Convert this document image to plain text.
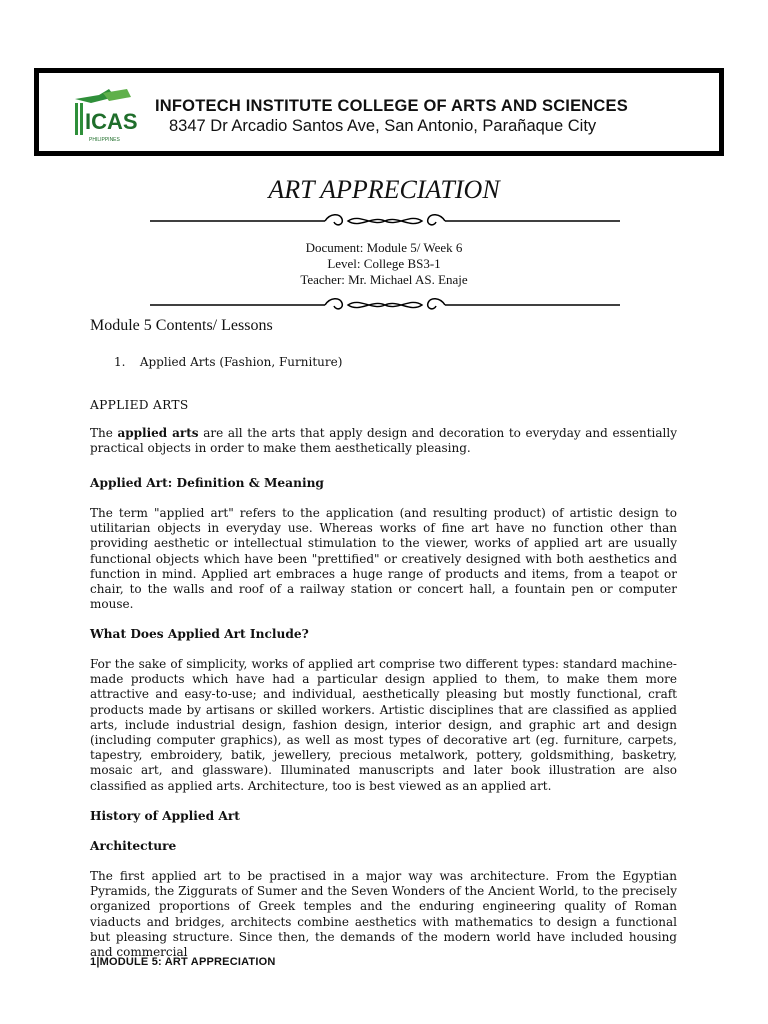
ICAS
PHILIPPINES
INFOTECH INSTITUTE COLLEGE OF ARTS AND SCIENCES
8347 Dr Arcadio Santos Ave, San Antonio, Parañaque City
ART APPRECIATION
Document: Module 5/ Week 6
Level: College BS3-1
Teacher: Mr. Michael AS. Enaje
Module 5 Contents/ Lessons
1. Applied Arts (Fashion, Furniture)
APPLIED ARTS

The applied arts are all the arts that apply design and decoration to everyday and essentially practical objects in order to make them aesthetically pleasing.

Applied Art: Definition & Meaning

The term "applied art" refers to the application (and resulting product) of artistic design to utilitarian objects in everyday use. Whereas works of fine art have no function other than providing aesthetic or intellectual stimulation to the viewer, works of applied art are usually functional objects which have been "prettified" or creatively designed with both aesthetics and function in mind. Applied art embraces a huge range of products and items, from a teapot or chair, to the walls and roof of a railway station or concert hall, a fountain pen or computer mouse.

What Does Applied Art Include?

For the sake of simplicity, works of applied art comprise two different types: standard machine-made products which have had a particular design applied to them, to make them more attractive and easy-to-use; and individual, aesthetically pleasing but mostly functional, craft products made by artisans or skilled workers. Artistic disciplines that are classified as applied arts, include industrial design, fashion design, interior design, and graphic art and design (including computer graphics), as well as most types of decorative art (eg. furniture, carpets, tapestry, embroidery, batik, jewellery, precious metalwork, pottery, goldsmithing, basketry, mosaic art, and glassware). Illuminated manuscripts and later book illustration are also classified as applied arts. Architecture, too is best viewed as an applied art.

History of Applied Art
Architecture

The first applied art to be practised in a major way was architecture. From the Egyptian Pyramids, the Ziggurats of Sumer and the Seven Wonders of the Ancient World, to the precisely organized proportions of Greek temples and the enduring engineering quality of Roman viaducts and bridges, architects combine aesthetics with mathematics to design a functional but pleasing structure. Since then, the demands of the modern world have included housing and commercial

1|MODULE 5: ART APPRECIATION
